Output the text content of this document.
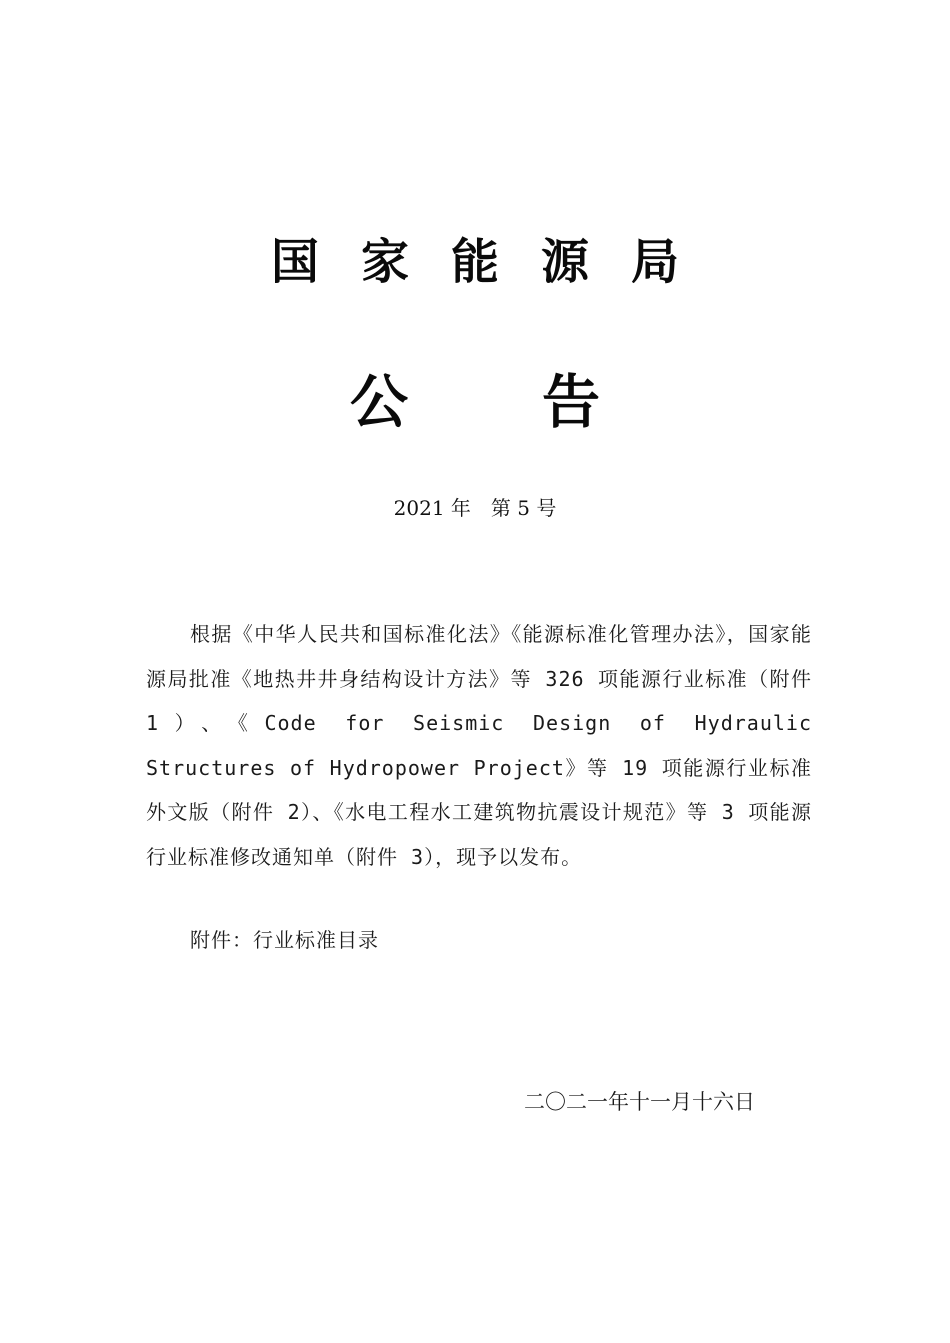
国家能源局
公告
2021 年　第 5 号
根据《中华人民共和国标准化法》《能源标准化管理办法》，国家能源局批准《地热井井身结构设计方法》等 326 项能源行业标准（附件 1）、《Code for Seismic Design of Hydraulic Structures of Hydropower Project》等 19 项能源行业标准外文版（附件 2）、《水电工程水工建筑物抗震设计规范》等 3 项能源行业标准修改通知单（附件 3），现予以发布。
附件：行业标准目录
二〇二一年十一月十六日
